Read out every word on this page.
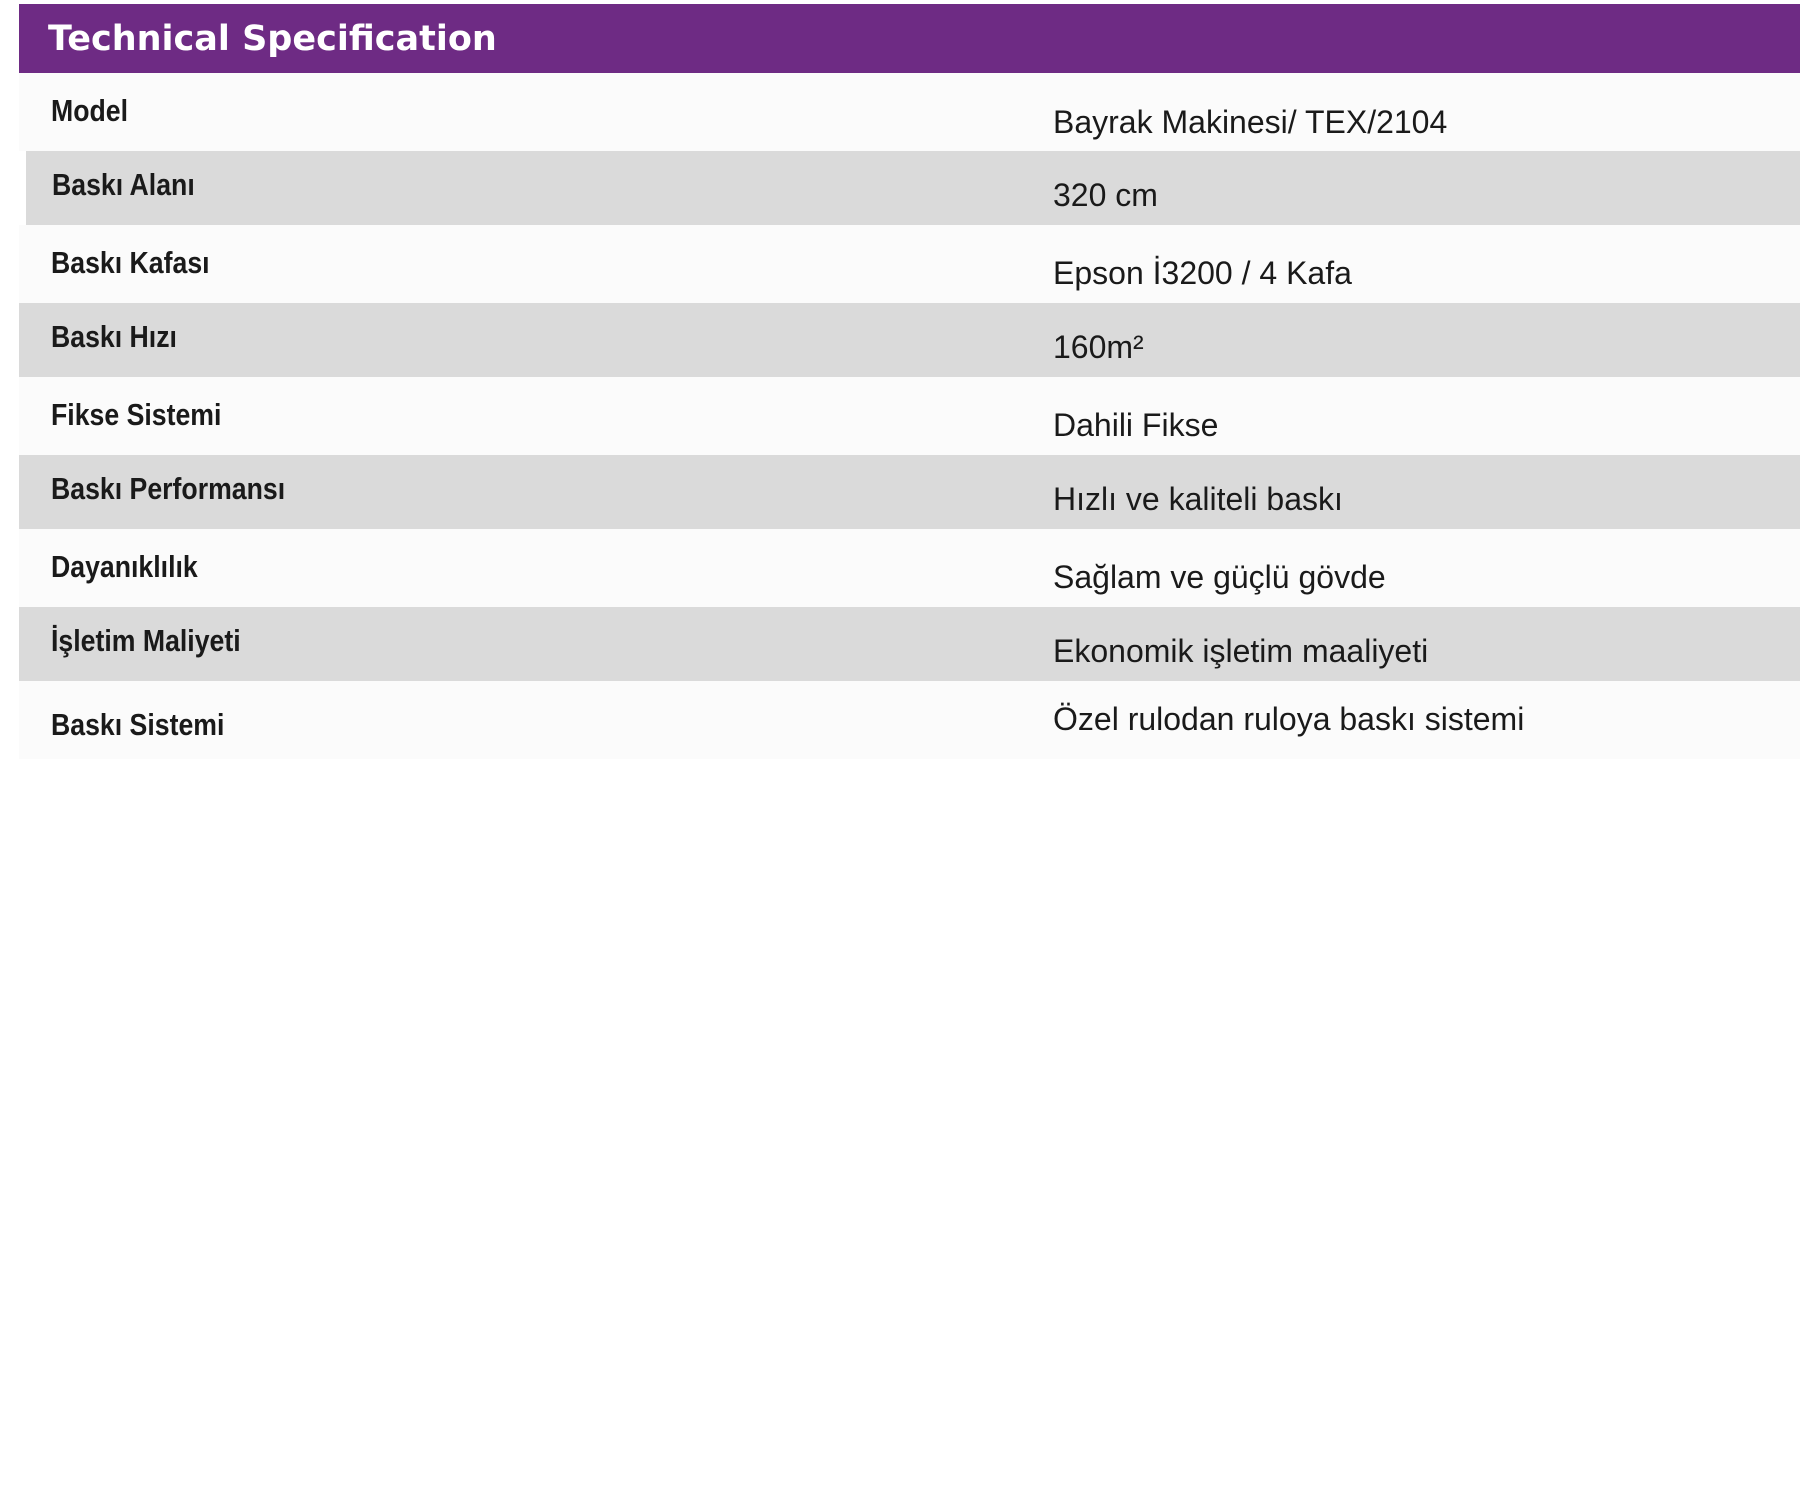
Technical Specification
Model	Bayrak Makinesi/ TEX/2104
Baskı Alanı	320 cm
Baskı Kafası	Epson İ3200 / 4 Kafa
Baskı Hızı	160m²
Fikse Sistemi	Dahili Fikse
Baskı Performansı	Hızlı ve kaliteli baskı
Dayanıklılık	Sağlam ve güçlü gövde
İşletim Maliyeti	Ekonomik işletim maaliyeti
Baskı Sistemi	Özel rulodan ruloya baskı sistemi
